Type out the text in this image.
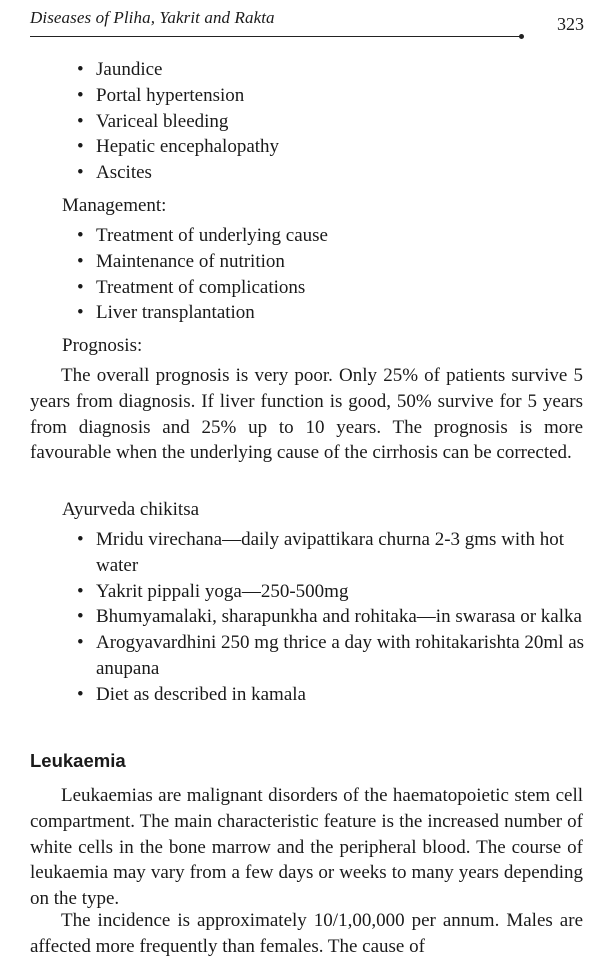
Diseases of Pliha, Yakrit and Rakta	323
• Jaundice
• Portal hypertension
• Variceal bleeding
• Hepatic encephalopathy
• Ascites
Management:
• Treatment of underlying cause
• Maintenance of nutrition
• Treatment of complications
• Liver transplantation
Prognosis:

The overall prognosis is very poor. Only 25% of patients survive 5 years from diagnosis. If liver function is good, 50% survive for 5 years from diagnosis and 25% up to 10 years. The prognosis is more favourable when the underlying cause of the cirrhosis can be corrected.

Ayurveda chikitsa
• Mridu virechana—daily avipattikara churna 2-3 gms with hot water
• Yakrit pippali yoga—250-500mg
• Bhumyamalaki, sharapunkha and rohitaka—in swarasa or kalka
• Arogyavardhini 250 mg thrice a day with rohitakarishta 20ml as anupana
• Diet as described in kamala
Leukaemia

Leukaemias are malignant disorders of the haematopoietic stem cell compartment. The main characteristic feature is the increased number of white cells in the bone marrow and the peripheral blood. The course of leukaemia may vary from a few days or weeks to many years depending on the type.

The incidence is approximately 10/1,00,000 per annum. Males are affected more frequently than females. The cause of
